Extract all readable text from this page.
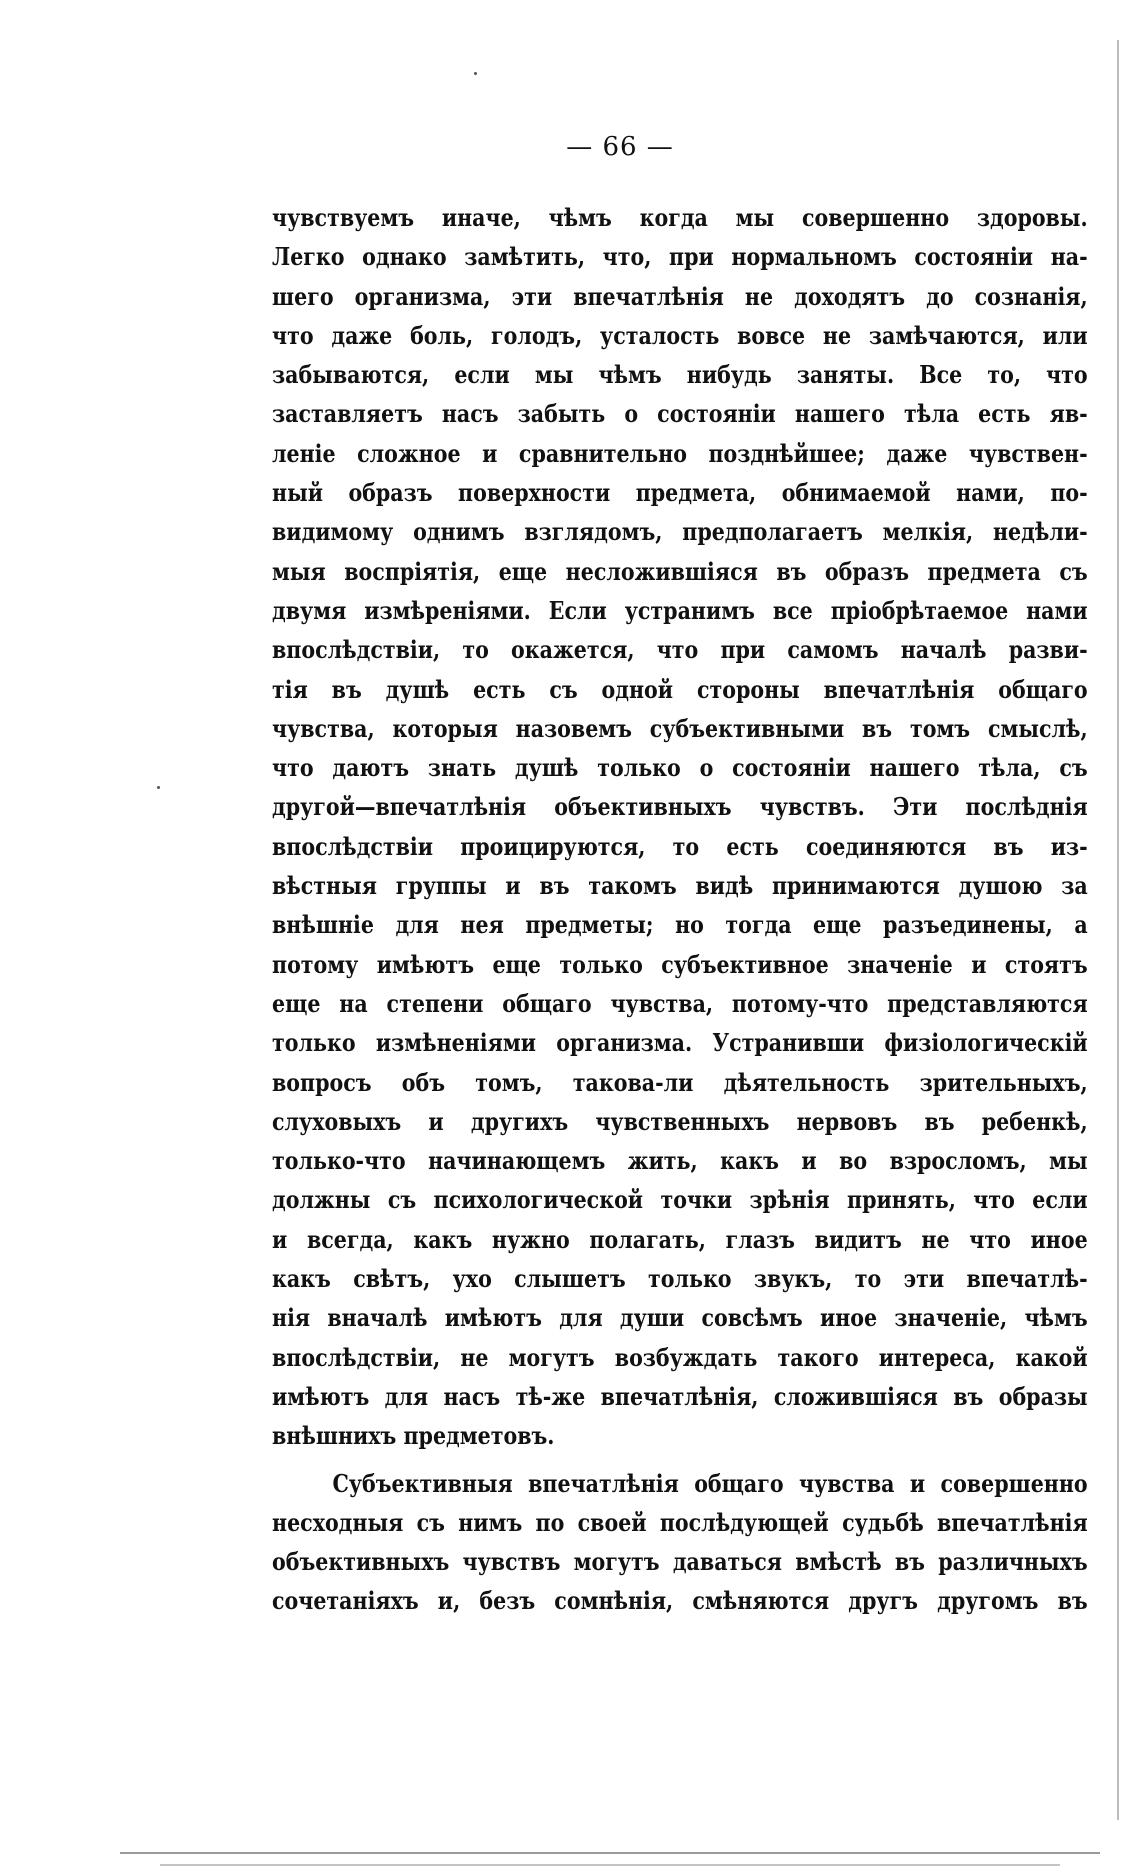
— 66 —
чувствуемъ иначе, чѣмъ когда мы совершенно здоровы.
Легко однако замѣтить, что, при нормальномъ состоянiи на-
шего организма, эти впечатлѣнiя не доходятъ до сознанiя,
что даже боль, голодъ, усталость вовсе не замѣчаются, или
забываются, если мы чѣмъ нибудь заняты. Все то, что
заставляетъ насъ забыть о состоянiи нашего тѣла есть яв-
ленiе сложное и сравнительно позднѣйшее; даже чувствен-
ный образъ поверхности предмета, обнимаемой нами, по-
видимому однимъ взглядомъ, предполагаетъ мелкiя, недѣли-
мыя воспрiятiя, еще несложившiяся въ образъ предмета съ
двумя измѣренiями. Если устранимъ все прiобрѣтаемое нами
впослѣдствiи, то окажется, что при самомъ началѣ разви-
тiя въ душѣ есть съ одной стороны впечатлѣнiя общаго
чувства, которыя назовемъ субъективными въ томъ смыслѣ,
что даютъ знать душѣ только о состоянiи нашего тѣла, съ
другой—впечатлѣнiя объективныхъ чувствъ. Эти послѣднiя
впослѣдствiи проицируются, то есть соединяются въ из-
вѣстныя группы и въ такомъ видѣ принимаются душою за
внѣшнiе для нея предметы; но тогда еще разъединены, а
потому имѣютъ еще только субъективное значенiе и стоятъ
еще на степени общаго чувства, потому-что представляются
только измѣненiями организма. Устранивши физiологическiй
вопросъ объ томъ, такова-ли дѣятельность зрительныхъ,
слуховыхъ и другихъ чувственныхъ нервовъ въ ребенкѣ,
только-что начинающемъ жить, какъ и во взросломъ, мы
должны съ психологической точки зрѣнiя принять, что если
и всегда, какъ нужно полагать, глазъ видитъ не что иное
какъ свѣтъ, ухо слышетъ только звукъ, то эти впечатлѣ-
нiя вначалѣ имѣютъ для души совсѣмъ иное значенiе, чѣмъ
впослѣдствiи, не могутъ возбуждать такого интереса, какой
имѣютъ для насъ тѣ-же впечатлѣнiя, сложившiяся въ образы
внѣшнихъ предметовъ.
Субъективныя впечатлѣнiя общаго чувства и совершенно
несходныя съ нимъ по своей послѣдующей судьбѣ впечатлѣнiя
объективныхъ чувствъ могутъ даваться вмѣстѣ въ различныхъ
сочетанiяхъ и, безъ сомнѣнiя, смѣняются другъ другомъ въ
